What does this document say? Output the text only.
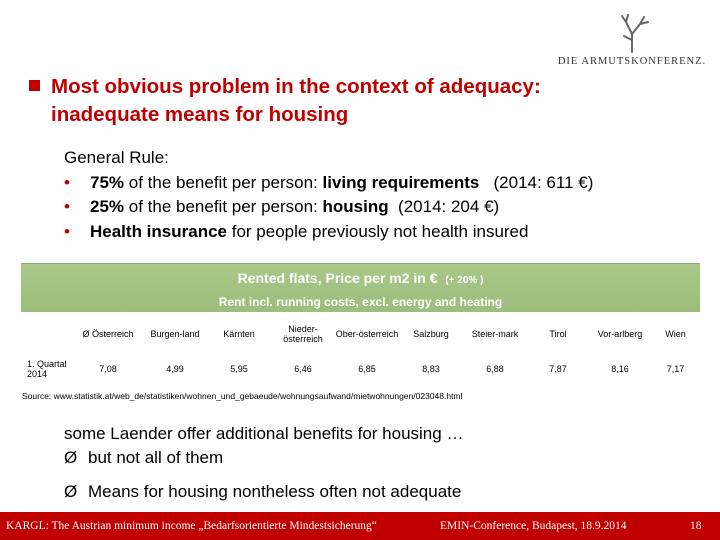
DIE ARMUTSKONFERENZ.
Most obvious problem in the context of adequacy:
inadequate means for housing
General Rule:
• 75% of the benefit per person: living requirements   (2014: 611 €)
• 25% of the benefit per person: housing  (2014: 204 €)
• Health insurance for people previously not health insured
Rented flats, Price per m2 in € (+ 20% )
Rent incl. running costs, excl. energy and heating
	Ø Österreich	Burgen-land	Kärnten	Nieder-österreich	Ober-österreich	Salzburg	Steier-mark	Tirol	Vor-arlberg	Wien
1. Quartal 2014	7,08	4,99	5,95	6,46	6,85	8,83	6,88	7,87	8,16	7,17
Source: www.statistik.at/web_de/statistiken/wohnen_und_gebaeude/wohnungsaufwand/mietwohnungen/023048.html
some Laender offer additional benefits for housing …
Ø but not all of them
Ø Means for housing nontheless often not adequate
KARGL: The Austrian minimum income „Bedarfsorientierte Mindestsicherung“	EMIN-Conference, Budapest, 18.9.2014	18
